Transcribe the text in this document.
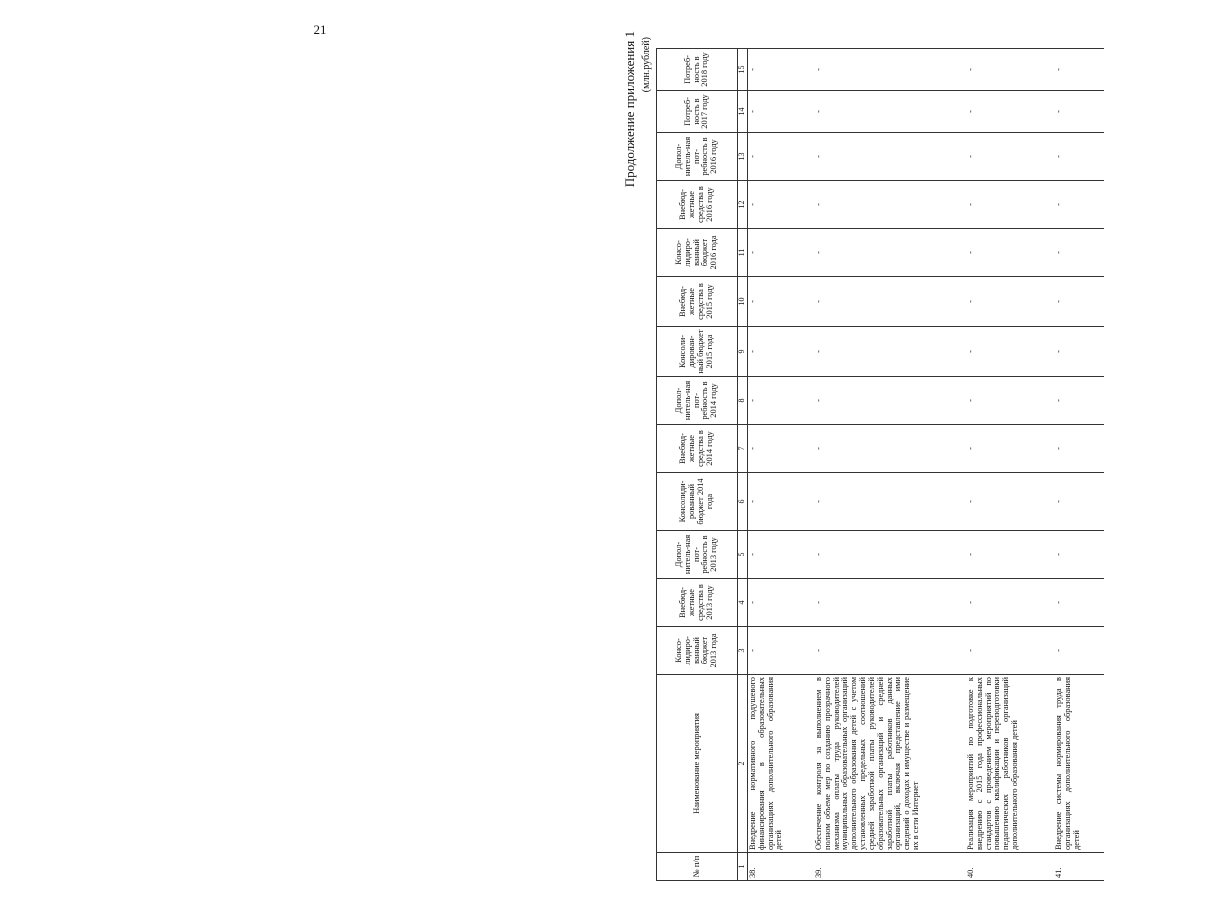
21
Продолжение приложения 1 (млн.рублей)
№ п/п	Наименование мероприятия	Консо-лидиро-ванный бюджет 2013 года	Внебюд-жетные средства в 2013 году	Допол-нитель-ная пот-ребность в 2013 году	Консолиди-рованный бюджет 2014 года	Внебюд-жетные средства в 2014 году	Допол-нитель-ная пот-ребность в 2014 году	Консоли-дирован-ный бюджет 2015 года	Внебюд-жетные средства в 2015 году	Консо-лидиро-ванный бюджет 2016 года	Внебюд-жетные средства в 2016 году	Допол-нитель-ная пот-ребность в 2016 году	Потреб-ность в 2017 году	Потреб-ность в 2018 году
1	2	3	4	5	6	7	8	9	10	11	12	13	14	15
38.	Внедрение нормативного подушевого финансирования в образовательных организациях дополнительного образования детей	-	-	-	-	-	-	-	-	-	-	-	-	-
39.	Обеспечение контроля за выполнением в полном объеме мер по созданию прозрачного механизма оплаты труда руководителей муниципальных образовательных организаций дополнительного образования детей с учетом установленных предельных соотношений средней заработной платы руководителей образовательных организаций и средней заработной платы работников данных организаций, включая представление ими сведений о доходах и имуществе и размещение их в сети Интернет	-	-	-	-	-	-	-	-	-	-	-	-	-
40.	Реализация мероприятий по подготовке к внедрению с 2015 года профессиональных стандартов с проведением мероприятий по повышению квалификации и переподготовки педагогических работников организаций дополнительного образования детей	-	-	-	-	-	-	-	-	-	-	-	-	-
41.	Внедрение системы нормирования труда в организациях дополнительного образования детей	-	-	-	-	-	-	-	-	-	-	-	-	-
